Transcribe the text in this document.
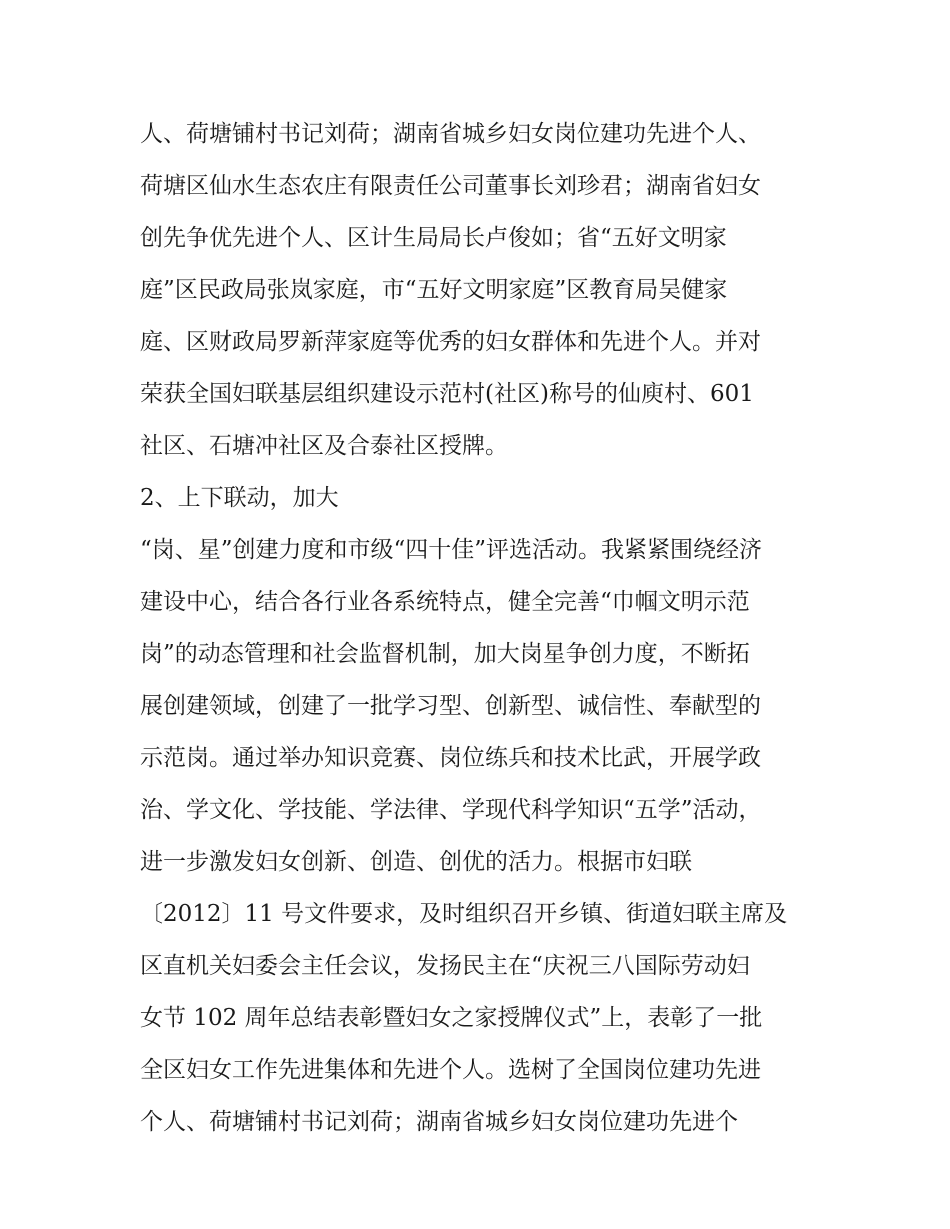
人、荷塘铺村书记刘荷；湖南省城乡妇女岗位建功先进个人、
荷塘区仙水生态农庄有限责任公司董事长刘珍君；湖南省妇女
创先争优先进个人、区计生局局长卢俊如；省“五好文明家
庭”区民政局张岚家庭，市“五好文明家庭”区教育局吴健家
庭、区财政局罗新萍家庭等优秀的妇女群体和先进个人。并对
荣获全国妇联基层组织建设示范村(社区)称号的仙庾村、601
社区、石塘冲社区及合泰社区授牌。
2、上下联动，加大
“岗、星”创建力度和市级“四十佳”评选活动。我紧紧围绕经济
建设中心，结合各行业各系统特点，健全完善“巾帼文明示范
岗”的动态管理和社会监督机制，加大岗星争创力度，不断拓
展创建领域，创建了一批学习型、创新型、诚信性、奉献型的
示范岗。通过举办知识竞赛、岗位练兵和技术比武，开展学政
治、学文化、学技能、学法律、学现代科学知识“五学”活动，
进一步激发妇女创新、创造、创优的活力。根据市妇联
〔2012〕11 号文件要求，及时组织召开乡镇、街道妇联主席及
区直机关妇委会主任会议，发扬民主在“庆祝三八国际劳动妇
女节 102 周年总结表彰暨妇女之家授牌仪式”上，表彰了一批
全区妇女工作先进集体和先进个人。选树了全国岗位建功先进
个人、荷塘铺村书记刘荷；湖南省城乡妇女岗位建功先进个
